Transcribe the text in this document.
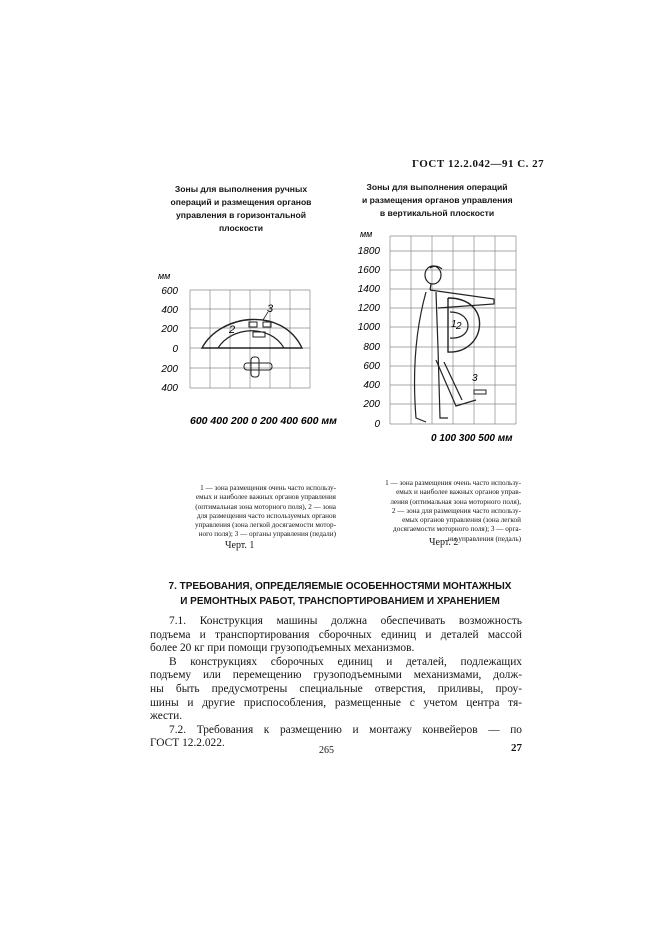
ГОСТ 12.2.042—91 С. 27
Зоны для выполнения ручных
операций и размещения органов
управления в горизонтальной
плоскости
Зоны для выполнения операций
и размещения органов управления
в вертикальной плоскости
мм
600
400
200
0
200
400
2
3
600 400 200 0 200 400 600 мм
мм
1800
1600
1400
1200
1000
800
600
400
200
0
1 2
3
0 100 300 500 мм
1 — зона размещения очень часто использу-
емых и наиболее важных органов управления
(оптимальная зона моторного поля), 2 — зона
для размещения часто используемых органов
управления (зона легкой досягаемости мотор-
ного поля); 3 — органы управления (педали)
1 — зона размещения очень часто использу-
емых и наиболее важных органов управ-
ления (оптимальная зона моторного поля),
2 — зона для размещения часто использу-
емых органов управления (зона легкой
досягаемости моторного поля); 3 — орга-
ны управления (педаль)
Черт. 1	Черт. 2
7. ТРЕБОВАНИЯ, ОПРЕДЕЛЯЕМЫЕ ОСОБЕННОСТЯМИ МОНТАЖНЫХ
И РЕМОНТНЫХ РАБОТ, ТРАНСПОРТИРОВАНИЕМ И ХРАНЕНИЕМ

7.1. Конструкция машины должна обеспечивать возможность
подъема и транспортирования сборочных единиц и деталей массой
более 20 кг при помощи грузоподъемных механизмов.

В конструкциях сборочных единиц и деталей, подлежащих
подъему или перемещению грузоподъемными механизмами, долж-
ны быть предусмотрены специальные отверстия, приливы, проу-
шины и другие приспособления, размещенные с учетом центра тя-
жести.

7.2. Требования к размещению и монтажу конвейеров — по
ГОСТ 12.2.022.

265	27
